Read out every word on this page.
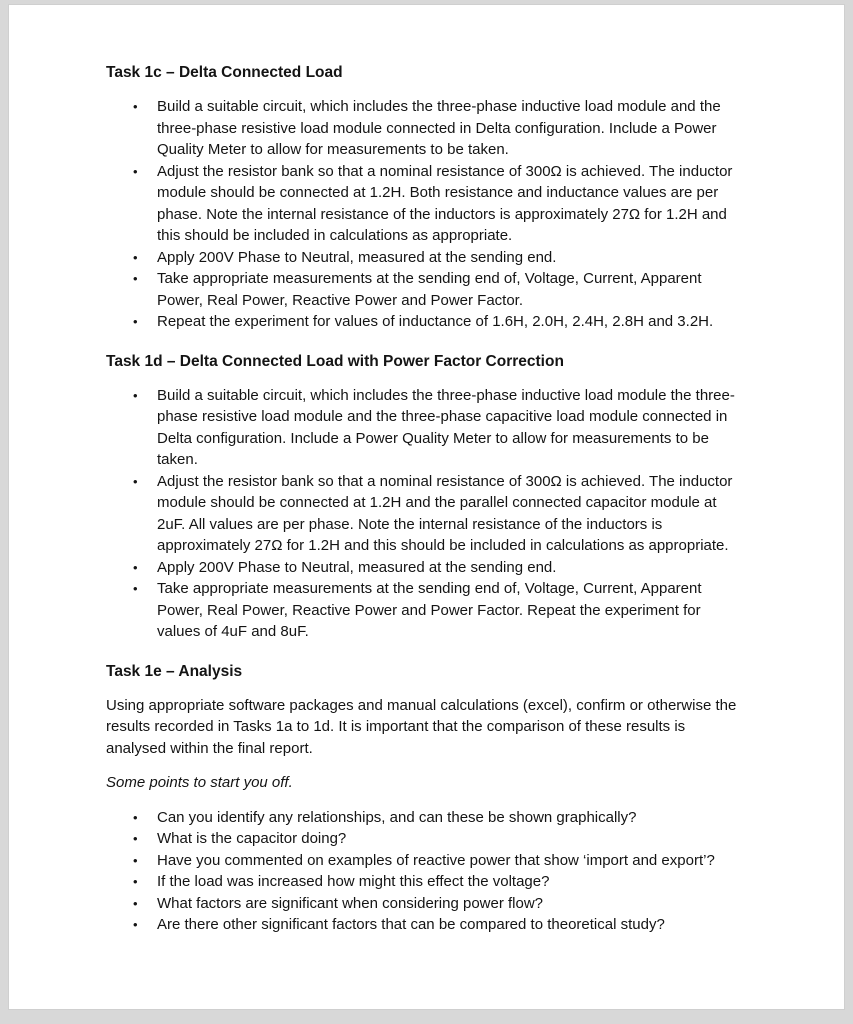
Task 1c – Delta Connected Load
• Build a suitable circuit, which includes the three-phase inductive load module and the three-phase resistive load module connected in Delta configuration. Include a Power Quality Meter to allow for measurements to be taken.
• Adjust the resistor bank so that a nominal resistance of 300Ω is achieved. The inductor module should be connected at 1.2H. Both resistance and inductance values are per phase. Note the internal resistance of the inductors is approximately 27Ω for 1.2H and this should be included in calculations as appropriate.
• Apply 200V Phase to Neutral, measured at the sending end.
• Take appropriate measurements at the sending end of, Voltage, Current, Apparent Power, Real Power, Reactive Power and Power Factor.
• Repeat the experiment for values of inductance of 1.6H, 2.0H, 2.4H, 2.8H and 3.2H.
Task 1d – Delta Connected Load with Power Factor Correction
• Build a suitable circuit, which includes the three-phase inductive load module the three-phase resistive load module and the three-phase capacitive load module connected in Delta configuration. Include a Power Quality Meter to allow for measurements to be taken.
• Adjust the resistor bank so that a nominal resistance of 300Ω is achieved. The inductor module should be connected at 1.2H and the parallel connected capacitor module at 2uF. All values are per phase. Note the internal resistance of the inductors is approximately 27Ω for 1.2H and this should be included in calculations as appropriate.
• Apply 200V Phase to Neutral, measured at the sending end.
• Take appropriate measurements at the sending end of, Voltage, Current, Apparent Power, Real Power, Reactive Power and Power Factor. Repeat the experiment for values of 4uF and 8uF.
Task 1e – Analysis

Using appropriate software packages and manual calculations (excel), confirm or otherwise the results recorded in Tasks 1a to 1d. It is important that the comparison of these results is analysed within the final report.

Some points to start you off.

• Can you identify any relationships, and can these be shown graphically?
• What is the capacitor doing?
• Have you commented on examples of reactive power that show ‘import and export’?
• If the load was increased how might this effect the voltage?
• What factors are significant when considering power flow?
• Are there other significant factors that can be compared to theoretical study?
